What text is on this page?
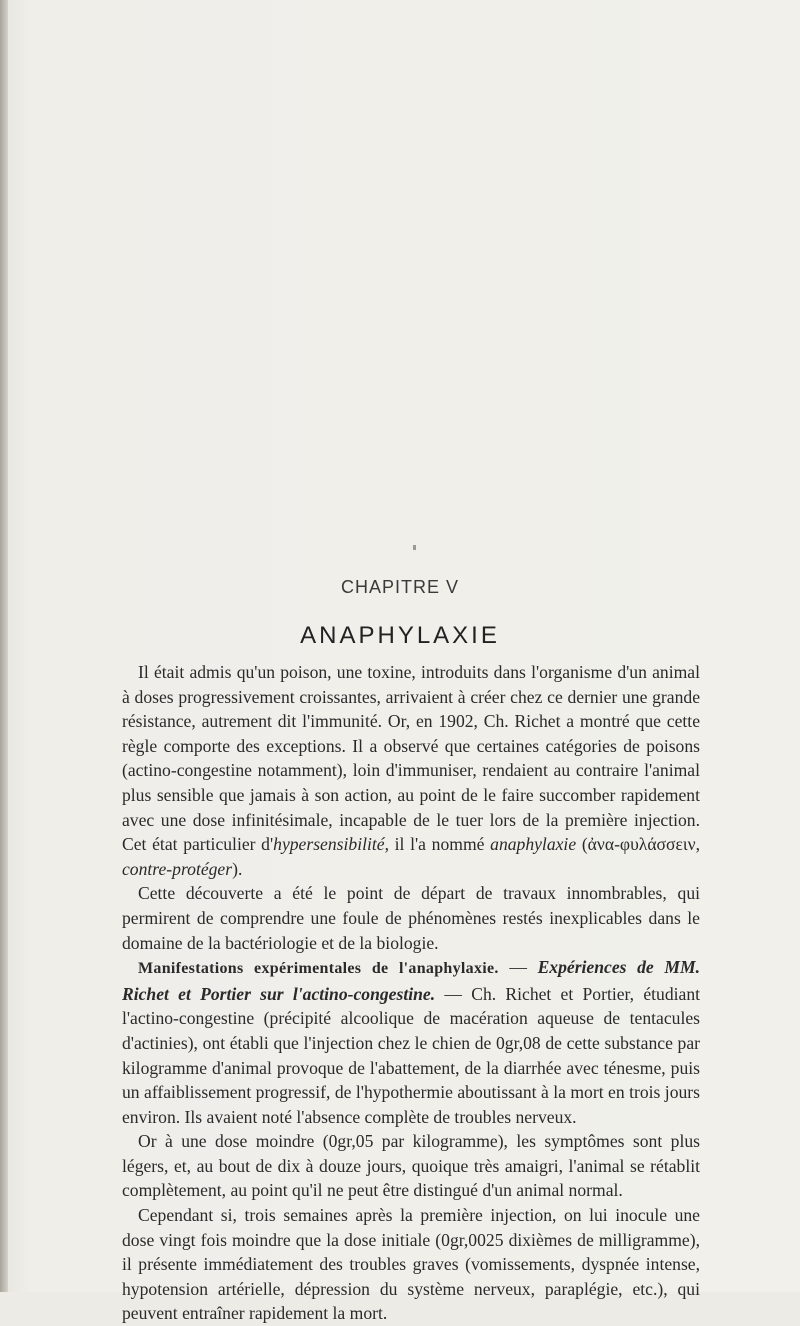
CHAPITRE V
ANAPHYLAXIE

Il était admis qu'un poison, une toxine, introduits dans l'organisme d'un animal à doses progressivement croissantes, arrivaient à créer chez ce dernier une grande résistance, autrement dit l'immunité. Or, en 1902, Ch. Richet a montré que cette règle comporte des exceptions. Il a observé que certaines catégories de poisons (actino-congestine notamment), loin d'immuniser, rendaient au contraire l'animal plus sensible que jamais à son action, au point de le faire succomber rapidement avec une dose infinitésimale, incapable de le tuer lors de la première injection. Cet état particulier d'hypersensibilité, il l'a nommé anaphylaxie (ἀνα-φυλάσσειν, contre-protéger).

Cette découverte a été le point de départ de travaux innombrables, qui permirent de comprendre une foule de phénomènes restés inexplicables dans le domaine de la bactériologie et de la biologie.

Manifestations expérimentales de l'anaphylaxie. — Expériences de MM. Richet et Portier sur l'actino-congestine. — Ch. Richet et Portier, étudiant l'actino-congestine (précipité alcoolique de macération aqueuse de tentacules d'actinies), ont établi que l'injection chez le chien de 0gr,08 de cette substance par kilogramme d'animal provoque de l'abattement, de la diarrhée avec ténesme, puis un affaiblissement progressif, de l'hypothermie aboutissant à la mort en trois jours environ. Ils avaient noté l'absence complète de troubles nerveux.

Or à une dose moindre (0gr,05 par kilogramme), les symptômes sont plus légers, et, au bout de dix à douze jours, quoique très amaigri, l'animal se rétablit complètement, au point qu'il ne peut être distingué d'un animal normal.

Cependant si, trois semaines après la première injection, on lui inocule une dose vingt fois moindre que la dose initiale (0gr,0025 dixièmes de milligramme), il présente immédiatement des troubles graves (vomissements, dyspnée intense, hypotension artérielle, dépression du système nerveux, paraplégie, etc.), qui peuvent entraîner rapidement la mort.
